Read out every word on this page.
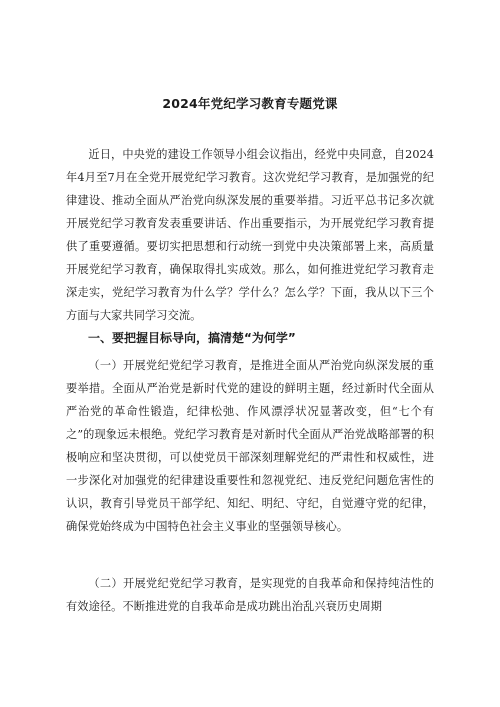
2024年党纪学习教育专题党课

近日，中央党的建设工作领导小组会议指出，经党中央同意，自2024年4月至7月在全党开展党纪学习教育。这次党纪学习教育，是加强党的纪律建设、推动全面从严治党向纵深发展的重要举措。习近平总书记多次就开展党纪学习教育发表重要讲话、作出重要指示，为开展党纪学习教育提供了重要遵循。要切实把思想和行动统一到党中央决策部署上来，高质量开展党纪学习教育，确保取得扎实成效。那么，如何推进党纪学习教育走深走实，党纪学习教育为什么学？学什么？怎么学？下面，我从以下三个方面与大家共同学习交流。

一、要把握目标导向，搞清楚“为何学”

（一）开展党纪党纪学习教育，是推进全面从严治党向纵深发展的重要举措。全面从严治党是新时代党的建设的鲜明主题，经过新时代全面从严治党的革命性锻造，纪律松弛、作风漂浮状况显著改变，但“七个有之”的现象远未根绝。党纪学习教育是对新时代全面从严治党战略部署的积极响应和坚决贯彻，可以使党员干部深刻理解党纪的严肃性和权威性，进一步深化对加强党的纪律建设重要性和忽视党纪、违反党纪问题危害性的认识，教育引导党员干部学纪、知纪、明纪、守纪，自觉遵守党的纪律，确保党始终成为中国特色社会主义事业的坚强领导核心。

（二）开展党纪党纪学习教育，是实现党的自我革命和保持纯洁性的有效途径。不断推进党的自我革命是成功跳出治乱兴衰历史周期
